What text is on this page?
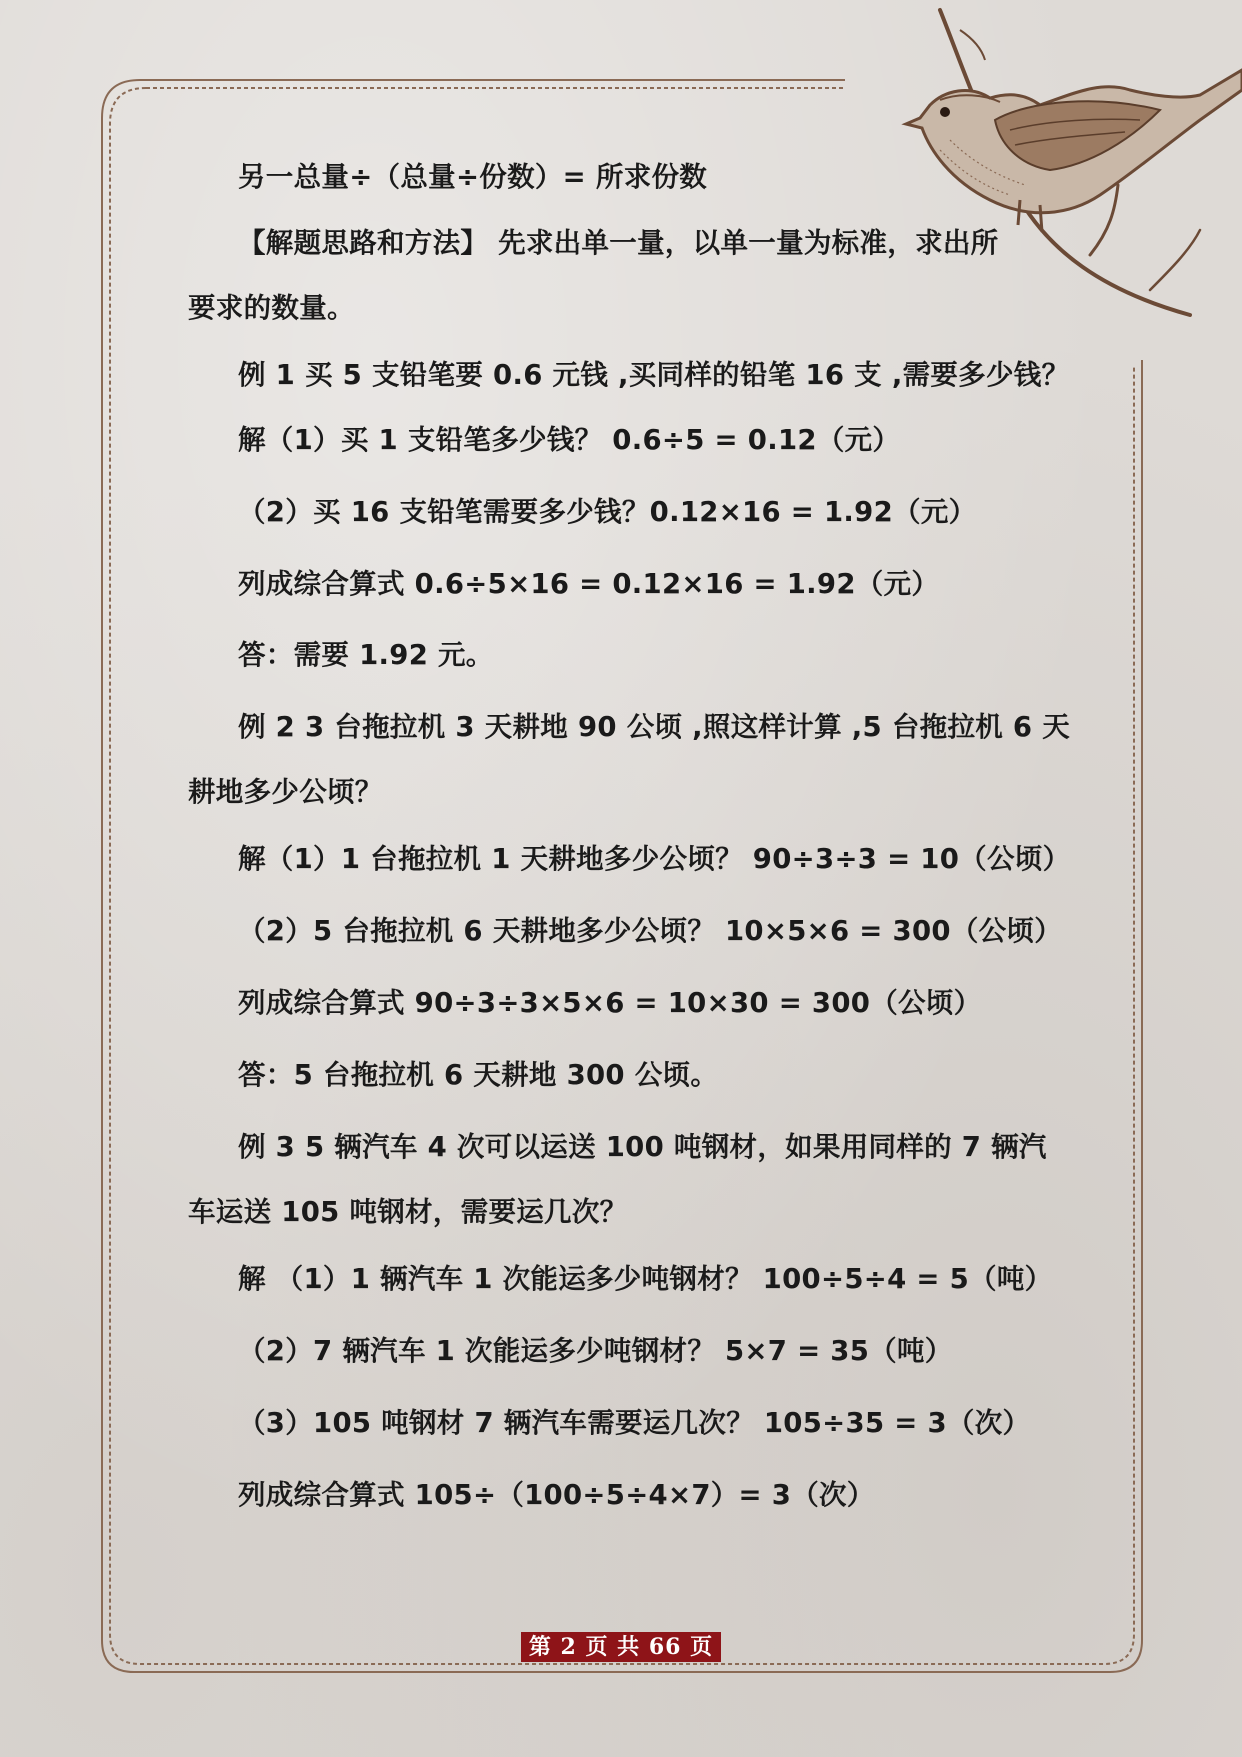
另一总量÷（总量÷份数）= 所求份数

【解题思路和方法】 先求出单一量，以单一量为标准，求出所

要求的数量。

例 1 买 5 支铅笔要 0.6 元钱 ,买同样的铅笔 16 支 ,需要多少钱？

解（1）买 1 支铅笔多少钱？ 0.6÷5 = 0.12（元）

（2）买 16 支铅笔需要多少钱？0.12×16 = 1.92（元）

列成综合算式 0.6÷5×16 = 0.12×16 = 1.92（元）

答：需要 1.92 元。

例 2 3 台拖拉机 3 天耕地 90 公顷 ,照这样计算 ,5 台拖拉机 6 天

耕地多少公顷？

解（1）1 台拖拉机 1 天耕地多少公顷？ 90÷3÷3 = 10（公顷）

（2）5 台拖拉机 6 天耕地多少公顷？ 10×5×6 = 300（公顷）

列成综合算式 90÷3÷3×5×6 = 10×30 = 300（公顷）

答：5 台拖拉机 6 天耕地 300 公顷。

例 3 5 辆汽车 4 次可以运送 100 吨钢材，如果用同样的 7 辆汽

车运送 105 吨钢材，需要运几次？

解 （1）1 辆汽车 1 次能运多少吨钢材？ 100÷5÷4 = 5（吨）

（2）7 辆汽车 1 次能运多少吨钢材？ 5×7 = 35（吨）

（3）105 吨钢材 7 辆汽车需要运几次？ 105÷35 = 3（次）

列成综合算式 105÷（100÷5÷4×7）= 3（次）

第 2 页 共 66 页
